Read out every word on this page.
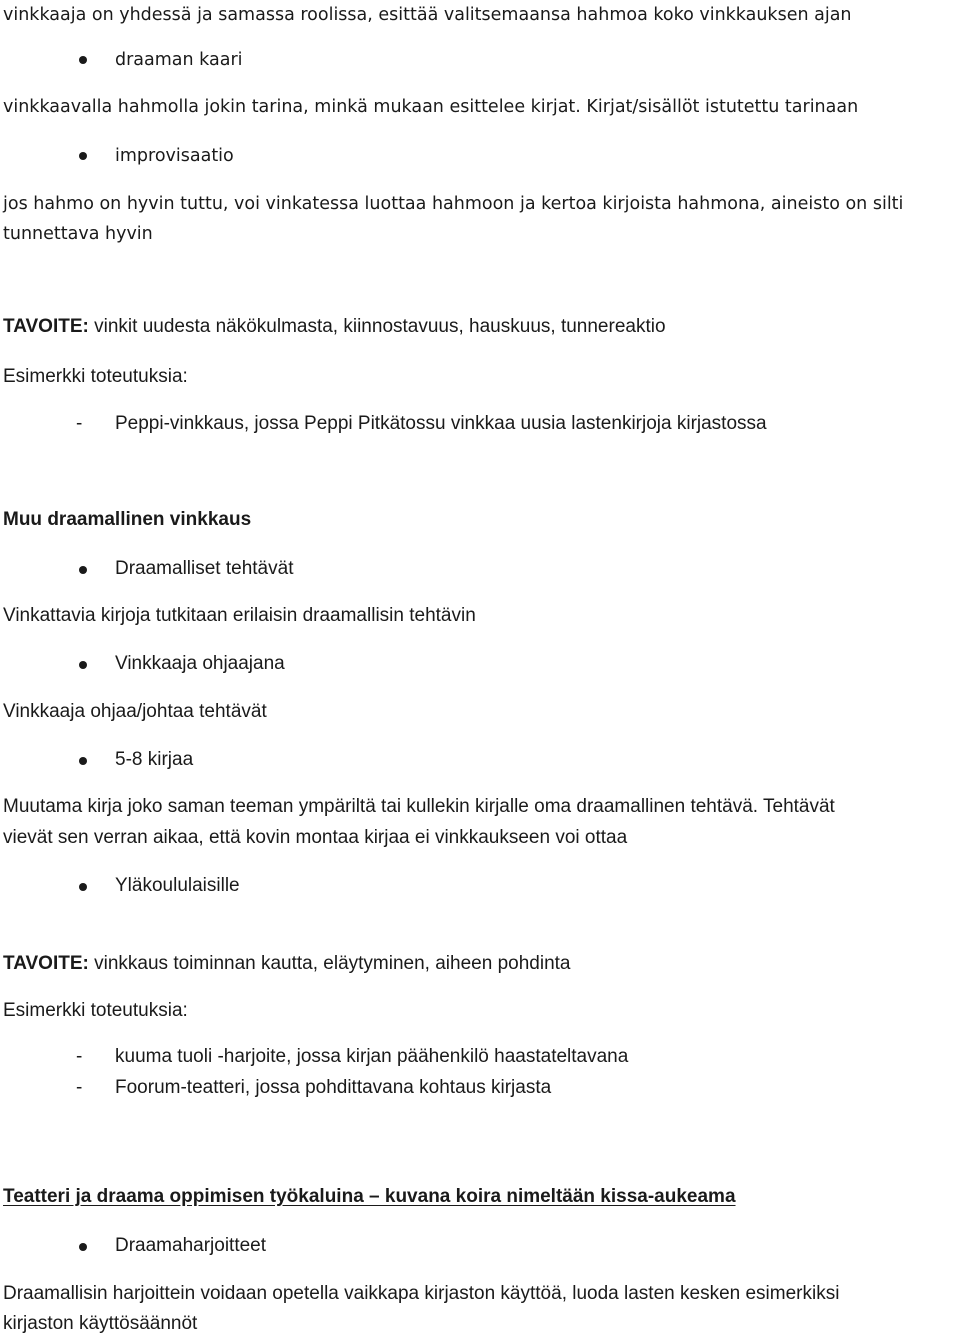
vinkkaaja on yhdessä ja samassa roolissa, esittää valitsemaansa hahmoa koko vinkkauksen ajan
draaman kaari
vinkkaavalla hahmolla jokin tarina, minkä mukaan esittelee kirjat. Kirjat/sisällöt istutettu tarinaan
improvisaatio
jos hahmo on hyvin tuttu, voi vinkatessa luottaa hahmoon ja kertoa kirjoista hahmona, aineisto on silti
tunnettava hyvin
TAVOITE: vinkit uudesta näkökulmasta, kiinnostavuus, hauskuus, tunnereaktio
Esimerkki toteutuksia:
- Peppi-vinkkaus, jossa Peppi Pitkätossu vinkkaa uusia lastenkirjoja kirjastossa
Muu draamallinen vinkkaus
Draamalliset tehtävät
Vinkattavia kirjoja tutkitaan erilaisin draamallisin tehtävin
Vinkkaaja ohjaajana
Vinkkaaja ohjaa/johtaa tehtävät
5-8 kirjaa
Muutama kirja joko saman teeman ympäriltä tai kullekin kirjalle oma draamallinen tehtävä. Tehtävät
vievät sen verran aikaa, että kovin montaa kirjaa ei vinkkaukseen voi ottaa
Yläkoululaisille
TAVOITE: vinkkaus toiminnan kautta, eläytyminen, aiheen pohdinta
Esimerkki toteutuksia:
- kuuma tuoli -harjoite, jossa kirjan päähenkilö haastateltavana
- Foorum-teatteri, jossa pohdittavana kohtaus kirjasta
Teatteri ja draama oppimisen työkaluina – kuvana koira nimeltään kissa-aukeama
Draamaharjoitteet
Draamallisin harjoittein voidaan opetella vaikkapa kirjaston käyttöä, luoda lasten kesken esimerkiksi
kirjaston käyttösäännöt
